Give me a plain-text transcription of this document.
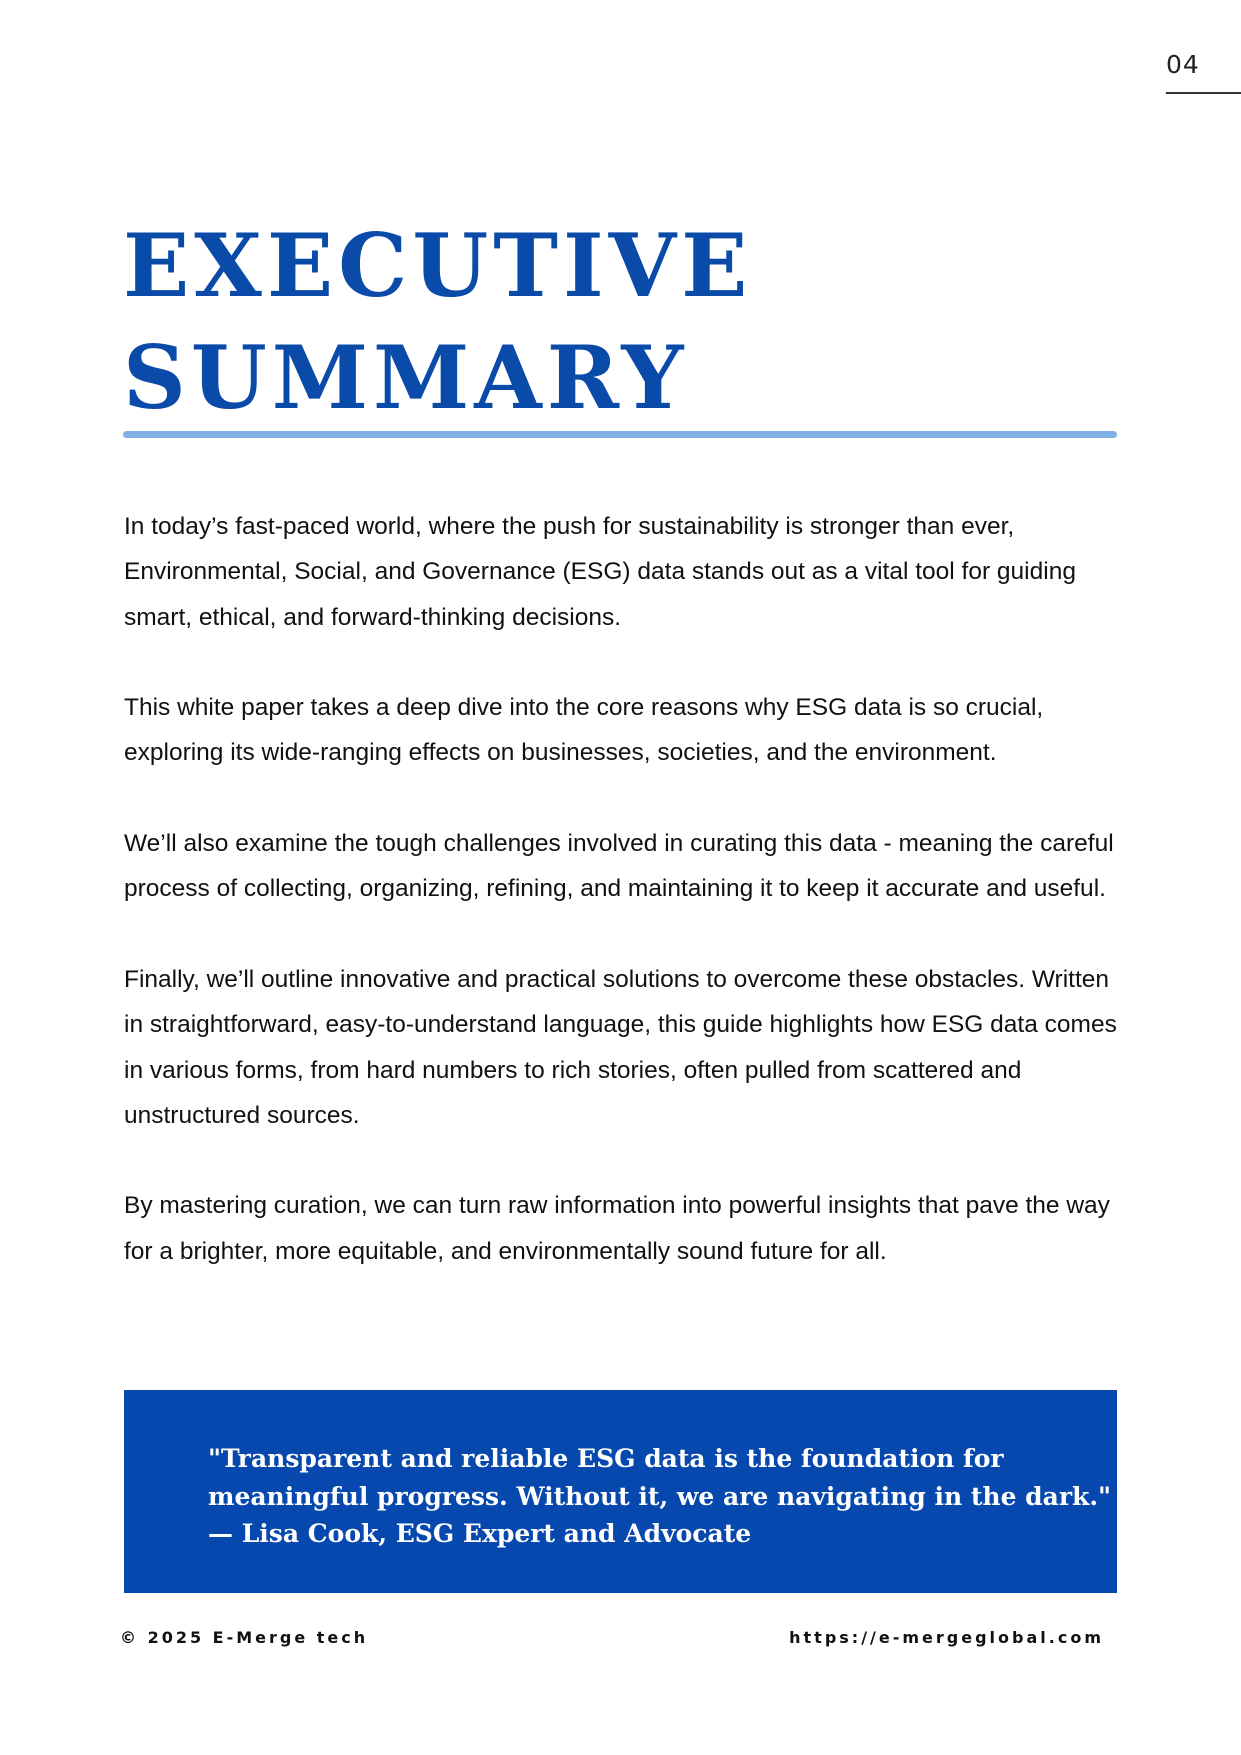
04
EXECUTIVE
SUMMARY

In today’s fast-paced world, where the push for sustainability is stronger than ever, Environmental, Social, and Governance (ESG) data stands out as a vital tool for guiding smart, ethical, and forward-thinking decisions.

This white paper takes a deep dive into the core reasons why ESG data is so crucial, exploring its wide-ranging effects on businesses, societies, and the environment.

We’ll also examine the tough challenges involved in curating this data - meaning the careful process of collecting, organizing, refining, and maintaining it to keep it accurate and useful.

Finally, we’ll outline innovative and practical solutions to overcome these obstacles. Written in straightforward, easy-to-understand language, this guide highlights how ESG data comes in various forms, from hard numbers to rich stories, often pulled from scattered and unstructured sources.

By mastering curation, we can turn raw information into powerful insights that pave the way for a brighter, more equitable, and environmentally sound future for all.

"Transparent and reliable ESG data is the foundation for
meaningful progress. Without it, we are navigating in the dark."
— Lisa Cook, ESG Expert and Advocate
© 2025 E-Merge tech	https://e-mergeglobal.com
